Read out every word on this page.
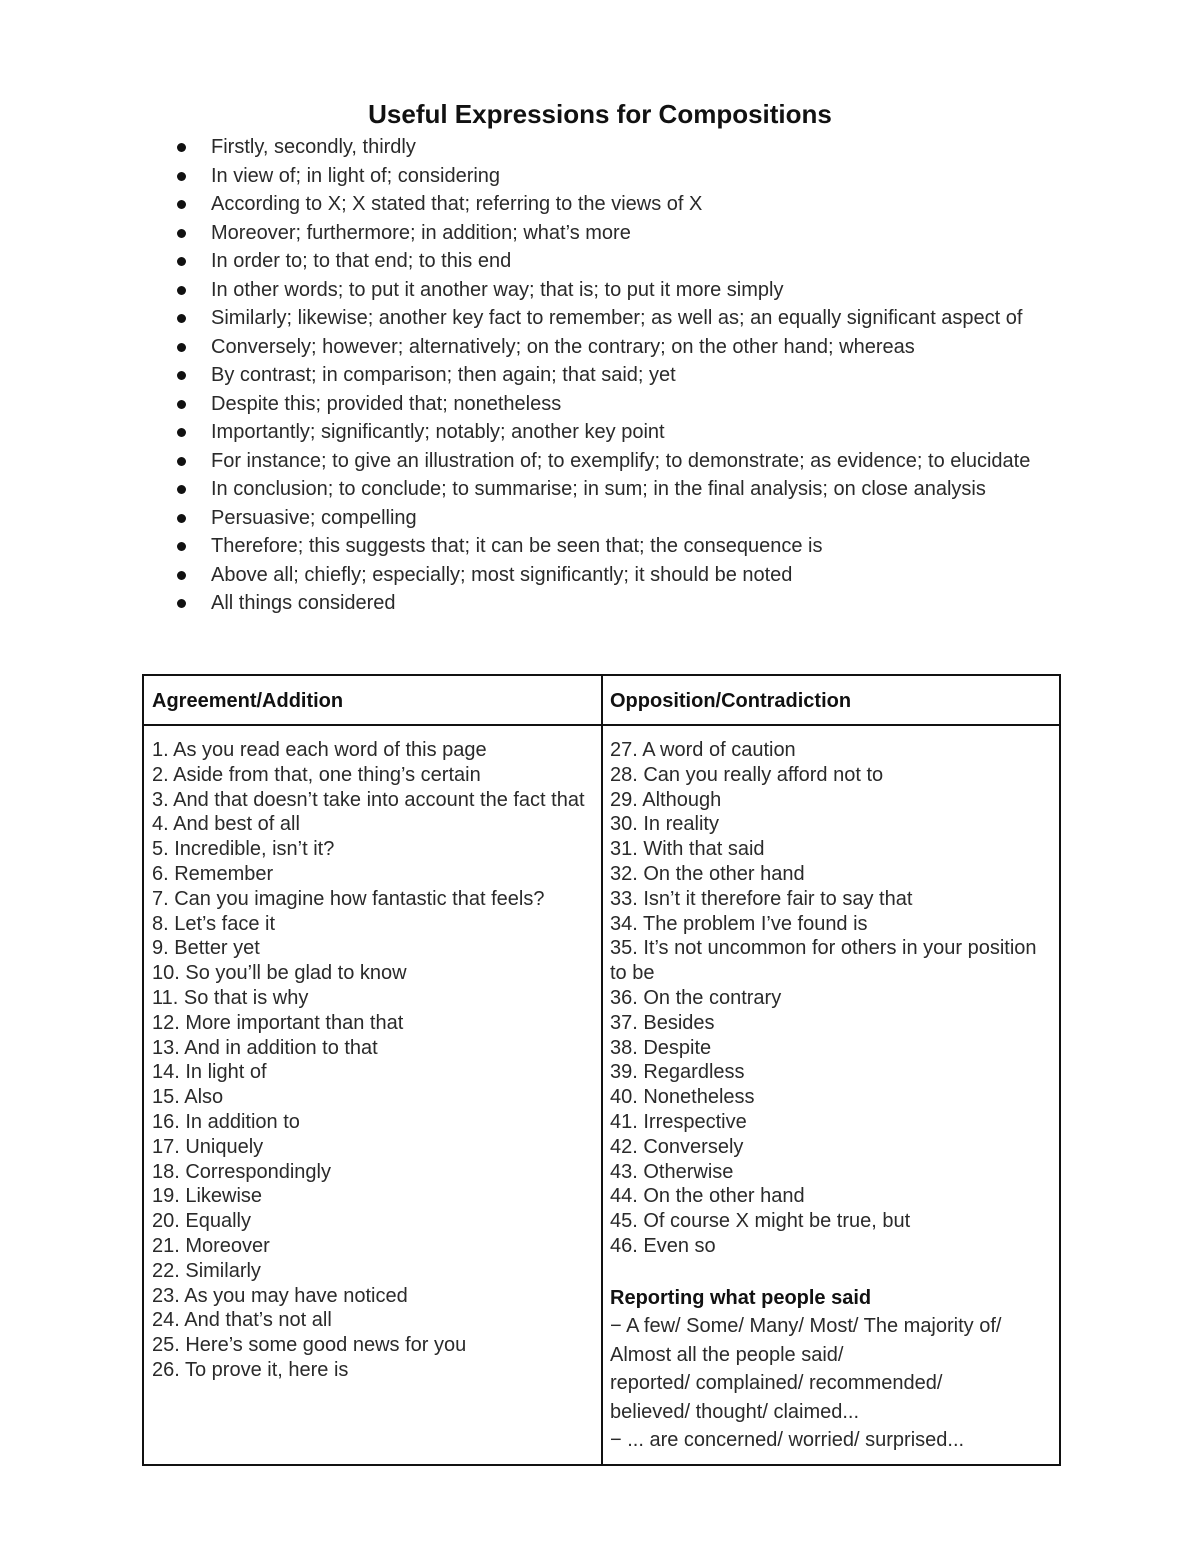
Useful Expressions for Compositions
Firstly, secondly, thirdly
In view of; in light of; considering
According to X; X stated that; referring to the views of X
Moreover; furthermore; in addition; what’s more
In order to; to that end; to this end
In other words; to put it another way; that is; to put it more simply
Similarly; likewise; another key fact to remember; as well as; an equally significant aspect of
Conversely; however; alternatively; on the contrary; on the other hand; whereas
By contrast; in comparison; then again; that said; yet
Despite this; provided that; nonetheless
Importantly; significantly; notably; another key point
For instance; to give an illustration of; to exemplify; to demonstrate; as evidence; to elucidate
In conclusion; to conclude; to summarise; in sum; in the final analysis; on close analysis
Persuasive; compelling
Therefore; this suggests that; it can be seen that; the consequence is
Above all; chiefly; especially; most significantly; it should be noted
All things considered
Agreement/Addition	Opposition/Contradiction
1. As you read each word of this page
2. Aside from that, one thing’s certain
3. And that doesn’t take into account the fact that
4. And best of all
5. Incredible, isn’t it?
6. Remember
7. Can you imagine how fantastic that feels?
8. Let’s face it
9. Better yet
10. So you’ll be glad to know
11. So that is why
12. More important than that
13. And in addition to that
14. In light of
15. Also
16. In addition to
17. Uniquely
18. Correspondingly
19. Likewise
20. Equally
21. Moreover
22. Similarly
23. As you may have noticed
24. And that’s not all
25. Here’s some good news for you
26. To prove it, here is
27. A word of caution
28. Can you really afford not to
29. Although
30. In reality
31. With that said
32. On the other hand
33. Isn’t it therefore fair to say that
34. The problem I’ve found is
35. It’s not uncommon for others in your position to be
36. On the contrary
37. Besides
38. Despite
39. Regardless
40. Nonetheless
41. Irrespective
42. Conversely
43. Otherwise
44. On the other hand
45. Of course X might be true, but
46. Even so
Reporting what people said
− A few/ Some/ Many/ Most/ The majority of/
Almost all the people said/
reported/ complained/ recommended/
believed/ thought/ claimed...
− ... are concerned/ worried/ surprised...
